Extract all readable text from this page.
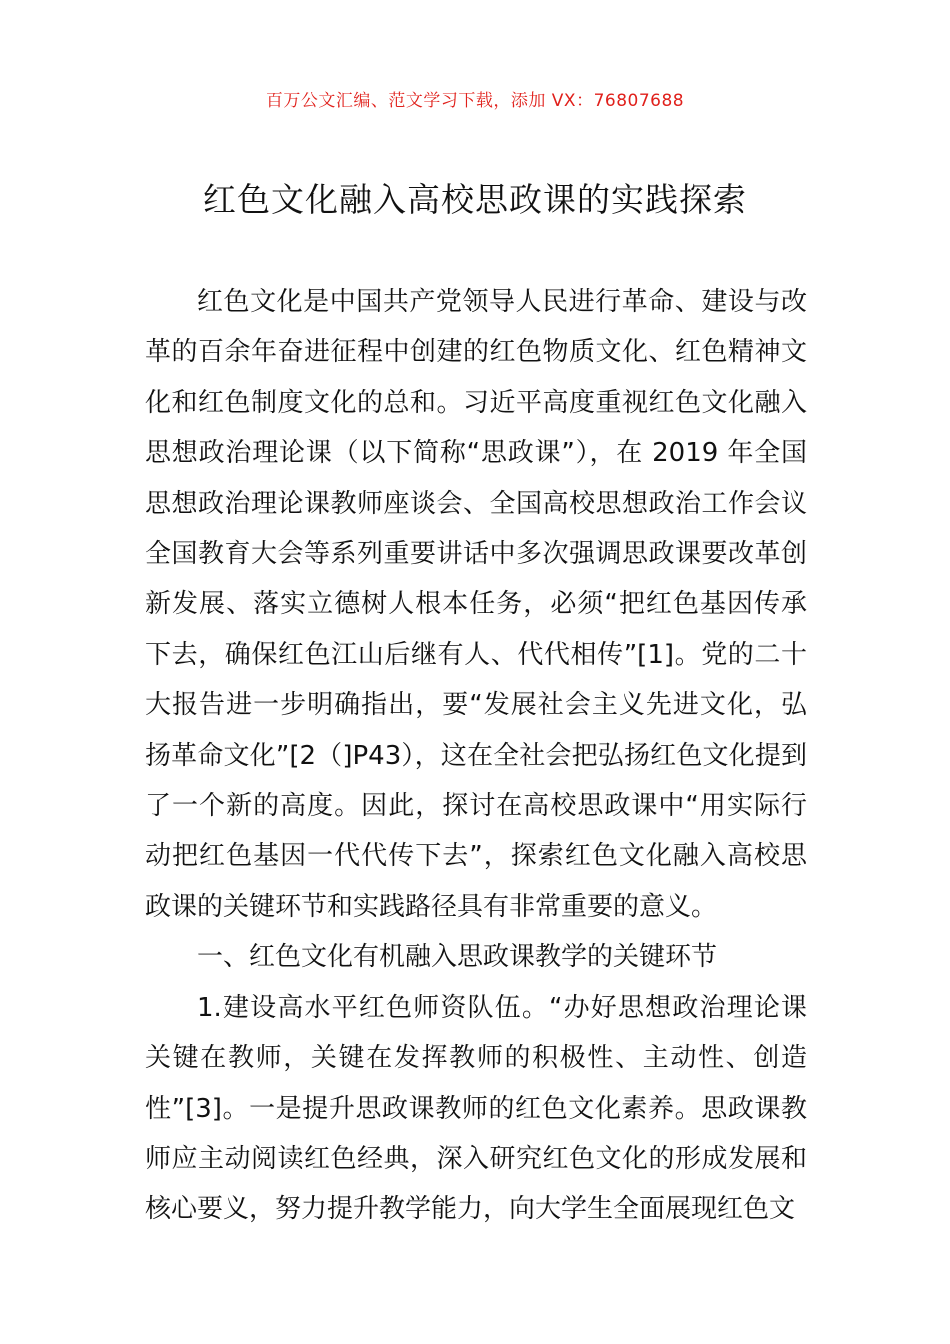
百万公文汇编、范文学习下载，添加 VX：76807688
红色文化融入高校思政课的实践探索

红色文化是中国共产党领导人民进行革命、建设与改革的百余年奋进征程中创建的红色物质文化、红色精神文化和红色制度文化的总和。习近平高度重视红色文化融入思想政治理论课（以下简称“思政课”），在 2019 年全国思想政治理论课教师座谈会、全国高校思想政治工作会议全国教育大会等系列重要讲话中多次强调思政课要改革创新发展、落实立德树人根本任务，必须“把红色基因传承下去，确保红色江山后继有人、代代相传”[1]。党的二十大报告进一步明确指出，要“发展社会主义先进文化，弘扬革命文化”[2（]P43），这在全社会把弘扬红色文化提到了一个新的高度。因此，探讨在高校思政课中“用实际行动把红色基因一代代传下去”，探索红色文化融入高校思政课的关键环节和实践路径具有非常重要的意义。

一、红色文化有机融入思政课教学的关键环节

1.建设高水平红色师资队伍。“办好思想政治理论课关键在教师，关键在发挥教师的积极性、主动性、创造性”[3]。一是提升思政课教师的红色文化素养。思政课教师应主动阅读红色经典，深入研究红色文化的形成发展和核心要义，努力提升教学能力，向大学生全面展现红色文
